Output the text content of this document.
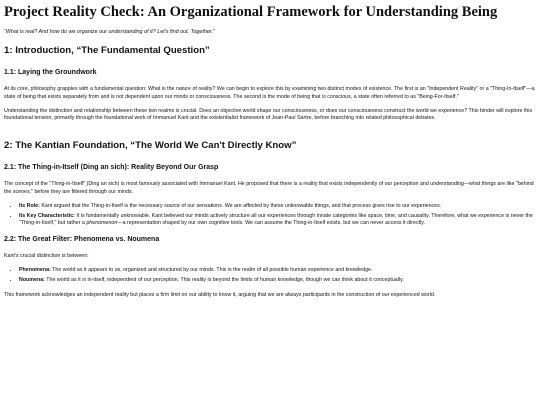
Project Reality Check: An Organizational Framework for Understanding Being

“What is real? And how do we organize our understanding of it? Let's find out. Together.”

1: Introduction, “The Fundamental Question”
1.1: Laying the Groundwork

At its core, philosophy grapples with a fundamental question: What is the nature of reality? We can begin to explore this by examining two distinct modes of existence. The first is an "Independent Reality" or a "Thing-In-Itself"—a state of being that exists separately from and is not dependent upon our minds or consciousness. The second is the mode of being that is conscious, a state often referred to as "Being-For-Itself."

Understanding the distinction and relationship between these two realms is crucial. Does an objective world shape our consciousness, or does our consciousness construct the world we experience? This binder will explore this foundational tension, primarily through the foundational work of Immanuel Kant and the existentialist framework of Jean-Paul Sartre, before branching into related philosophical debates.

2: The Kantian Foundation, “The World We Can't Directly Know”
2.1: The Thing-in-Itself (Ding an sich): Reality Beyond Our Grasp

The concept of the "Thing-in-Itself" (Ding an sich) is most famously associated with Immanuel Kant. He proposed that there is a reality that exists independently of our perception and understanding—what things are like "behind the scenes," before they are filtered through our minds.

• Its Role: Kant argued that the Thing-in-Itself is the necessary source of our sensations. We are affected by these unknowable things, and that process gives rise to our experiences.
• Its Key Characteristic: It is fundamentally unknowable. Kant believed our minds actively structure all our experiences through innate categories like space, time, and causality. Therefore, what we experience is never the "Thing-in-Itself," but rather a phenomenon—a representation shaped by our own cognitive tools. We can assume the Thing-in-Itself exists, but we can never access it directly.
2.2: The Great Filter: Phenomena vs. Noumena

Kant's crucial distinction is between:

• Phenomena: The world as it appears to us, organized and structured by our minds. This is the realm of all possible human experience and knowledge.
• Noumena: The world as it is in-itself, independent of our perception. This reality is beyond the limits of human knowledge, though we can think about it conceptually.

This framework acknowledges an independent reality but places a firm limit on our ability to know it, arguing that we are always participants in the construction of our experienced world.
